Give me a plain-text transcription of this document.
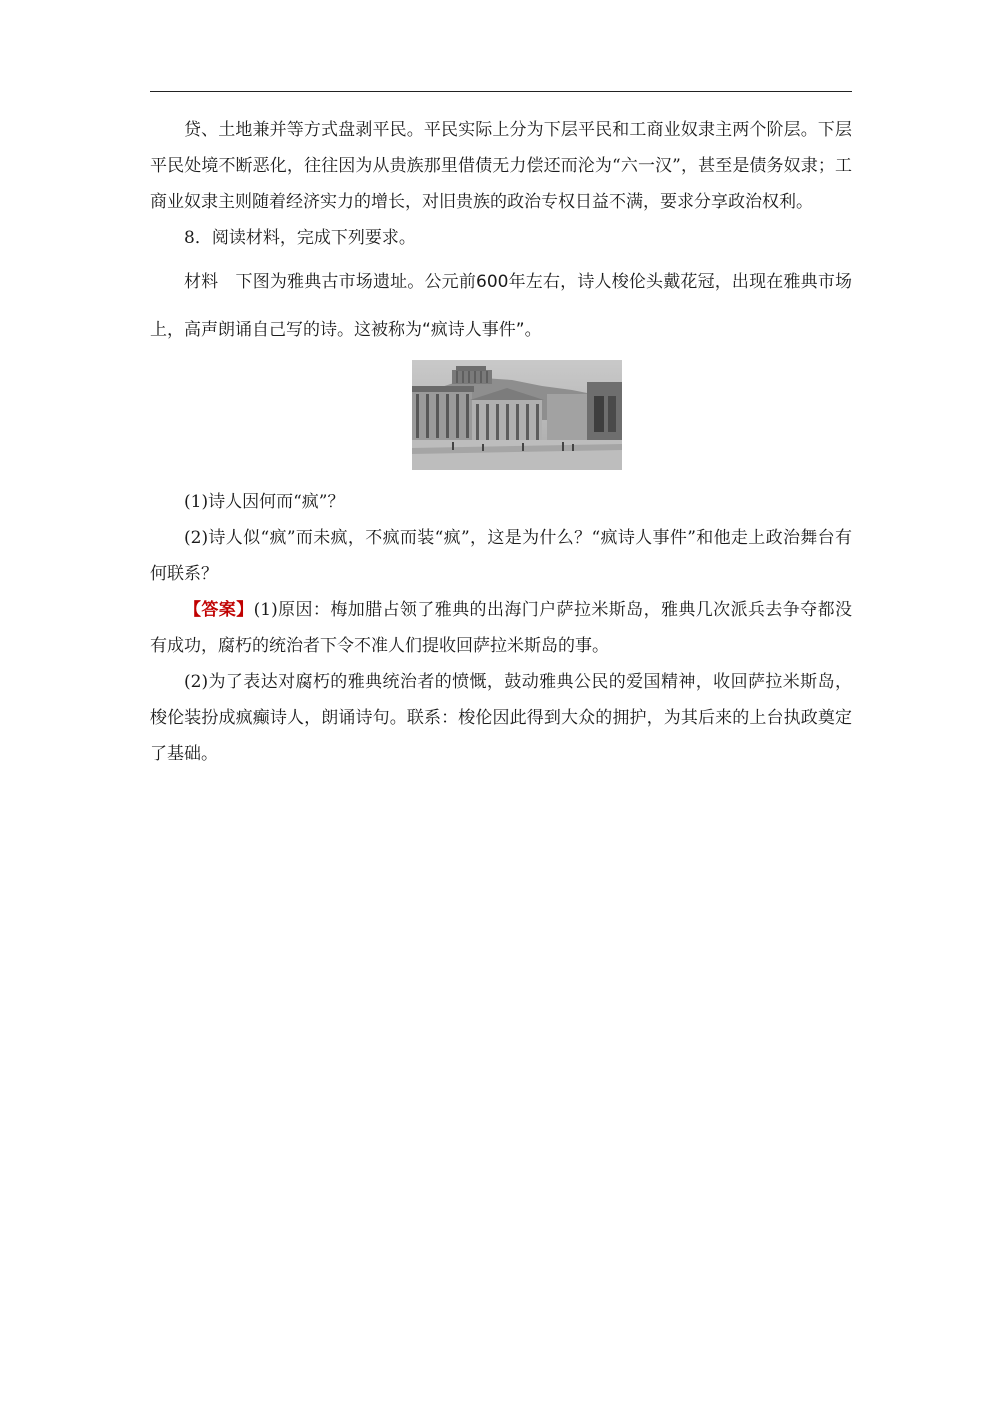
贷、土地兼并等方式盘剥平民。平民实际上分为下层平民和工商业奴隶主两个阶层。下层平民处境不断恶化，往往因为从贵族那里借债无力偿还而沦为“六一汉”，甚至是债务奴隶；工商业奴隶主则随着经济实力的增长，对旧贵族的政治专权日益不满，要求分享政治权利。

8．阅读材料，完成下列要求。

材料　下图为雅典古市场遗址。公元前600年左右，诗人梭伦头戴花冠，出现在雅典市场上，高声朗诵自己写的诗。这被称为“疯诗人事件”。

(1)诗人因何而“疯”？

(2)诗人似“疯”而未疯，不疯而装“疯”，这是为什么？“疯诗人事件”和他走上政治舞台有何联系？

【答案】(1)原因：梅加腊占领了雅典的出海门户萨拉米斯岛，雅典几次派兵去争夺都没有成功，腐朽的统治者下令不准人们提收回萨拉米斯岛的事。

(2)为了表达对腐朽的雅典统治者的愤慨，鼓动雅典公民的爱国精神，收回萨拉米斯岛，梭伦装扮成疯癫诗人，朗诵诗句。联系：梭伦因此得到大众的拥护，为其后来的上台执政奠定了基础。
